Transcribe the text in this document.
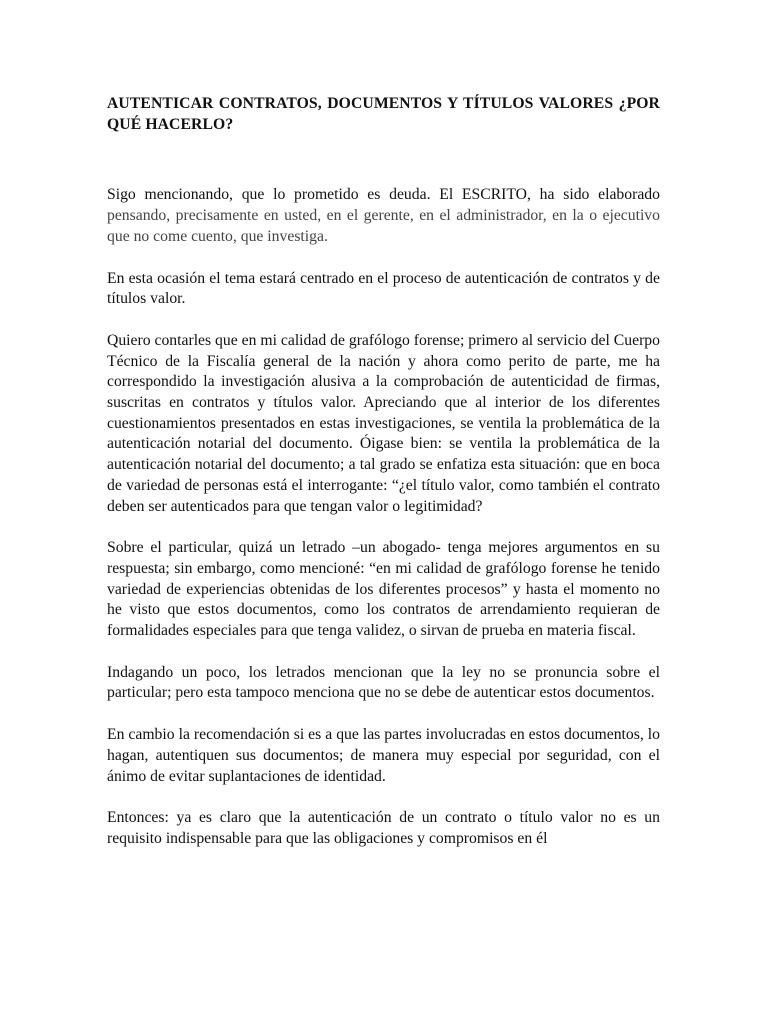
AUTENTICAR CONTRATOS, DOCUMENTOS Y TÍTULOS VALORES ¿POR QUÉ HACERLO?

Sigo mencionando, que lo prometido es deuda. El ESCRITO, ha sido elaborado pensando, precisamente en usted, en el gerente, en el administrador, en la o ejecutivo que no come cuento, que investiga.

En esta ocasión el tema estará centrado en el proceso de autenticación de contratos y de títulos valor.

Quiero contarles que en mi calidad de grafólogo forense; primero al servicio del Cuerpo Técnico de la Fiscalía general de la nación y ahora como perito de parte, me ha correspondido la investigación alusiva a la comprobación de autenticidad de firmas, suscritas en contratos y títulos valor. Apreciando que al interior de los diferentes cuestionamientos presentados en estas investigaciones, se ventila la problemática de la autenticación notarial del documento. Óigase bien: se ventila la problemática de la autenticación notarial del documento; a tal grado se enfatiza esta situación: que en boca de variedad de personas está el interrogante: “¿el título valor, como también el contrato deben ser autenticados para que tengan valor o legitimidad?

Sobre el particular, quizá un letrado –un abogado- tenga mejores argumentos en su respuesta; sin embargo, como mencioné: “en mi calidad de grafólogo forense he tenido variedad de experiencias obtenidas de los diferentes procesos” y hasta el momento no he visto que estos documentos, como los contratos de arrendamiento requieran de formalidades especiales para que tenga validez, o sirvan de prueba en materia fiscal.

Indagando un poco, los letrados mencionan que la ley no se pronuncia sobre el particular; pero esta tampoco menciona que no se debe de autenticar estos documentos.

En cambio la recomendación si es a que las partes involucradas en estos documentos, lo hagan, autentiquen sus documentos; de manera muy especial por seguridad, con el ánimo de evitar suplantaciones de identidad.

Entonces: ya es claro que la autenticación de un contrato o título valor no es un requisito indispensable para que las obligaciones y compromisos en él
